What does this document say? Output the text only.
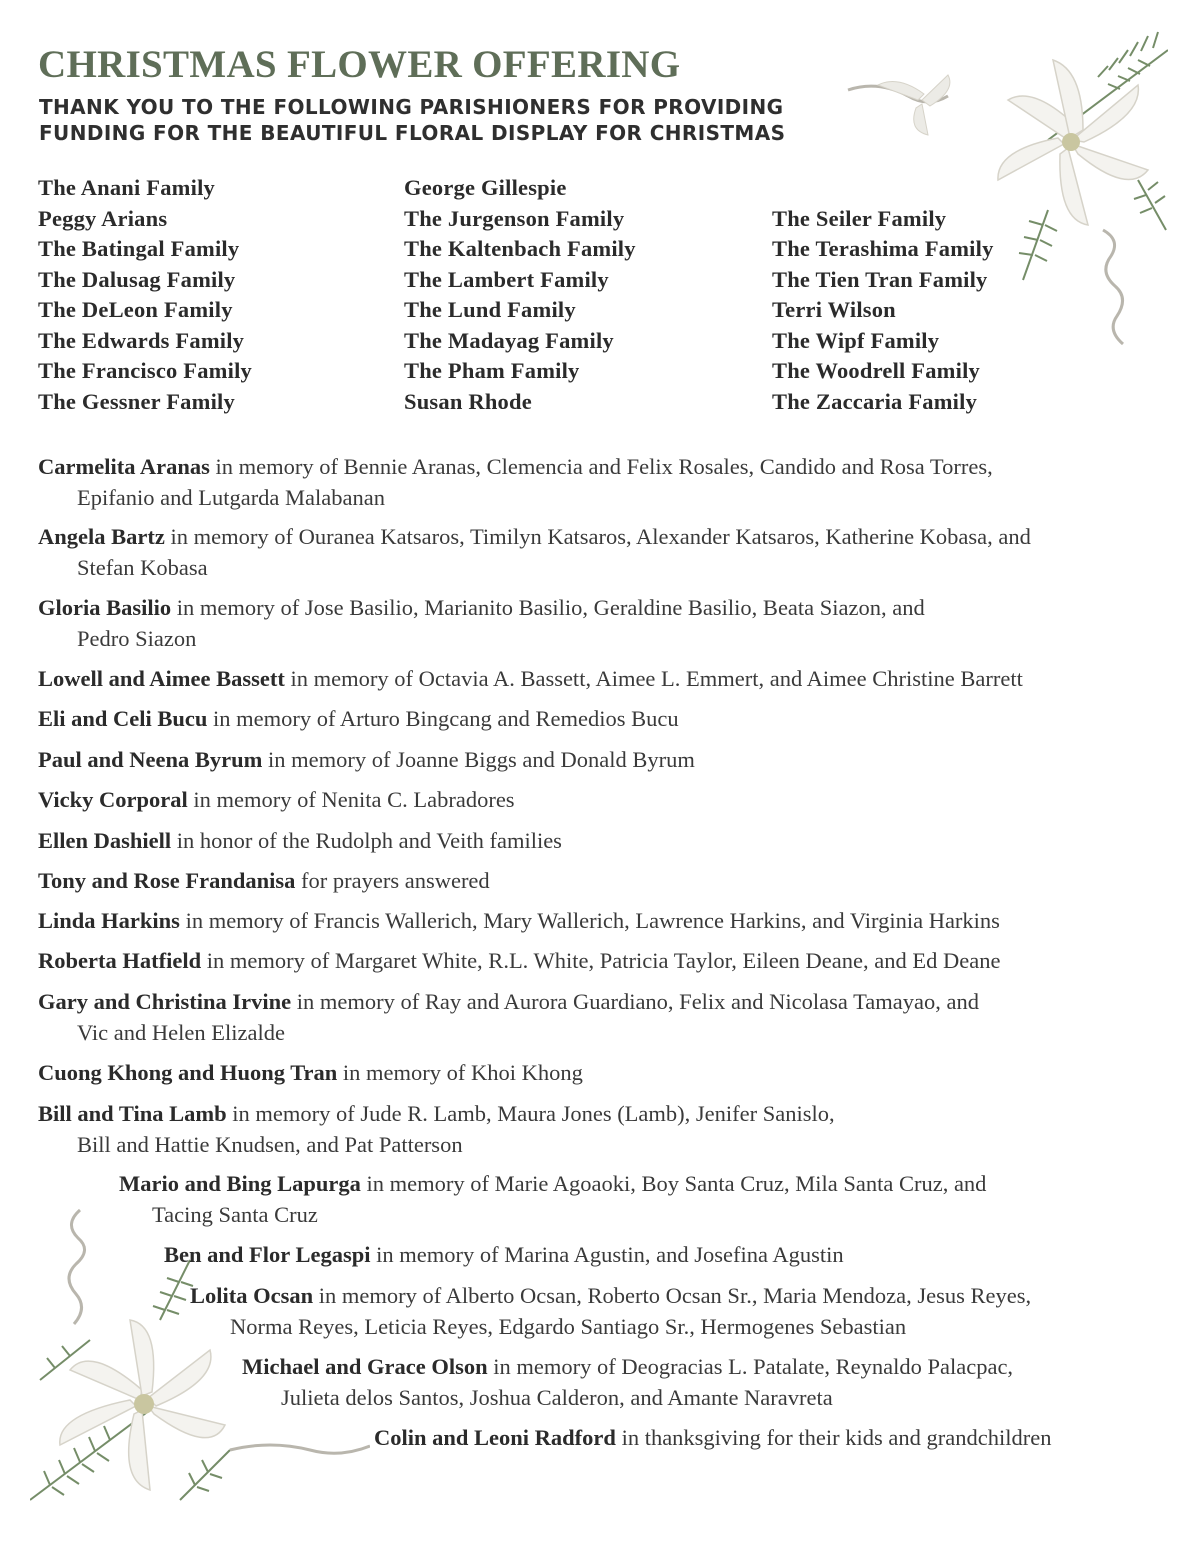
CHRISTMAS FLOWER OFFERING
THANK YOU TO THE FOLLOWING PARISHIONERS FOR PROVIDING FUNDING FOR THE BEAUTIFUL FLORAL DISPLAY FOR CHRISTMAS
The Anani Family
Peggy Arians
The Batingal Family
The Dalusag Family
The DeLeon Family
The Edwards Family
The Francisco Family
The Gessner Family
George Gillespie
The Jurgenson Family
The Kaltenbach Family
The Lambert Family
The Lund Family
The Madayag Family
The Pham Family
Susan Rhode
The Seiler Family
The Terashima Family
The Tien Tran Family
Terri Wilson
The Wipf Family
The Woodrell Family
The Zaccaria Family
Carmelita Aranas in memory of Bennie Aranas, Clemencia and Felix Rosales, Candido and Rosa Torres,
Epifanio and Lutgarda Malabanan
Angela Bartz in memory of Ouranea Katsaros, Timilyn Katsaros, Alexander Katsaros, Katherine Kobasa, and
Stefan Kobasa
Gloria Basilio in memory of Jose Basilio, Marianito Basilio, Geraldine Basilio, Beata Siazon, and
Pedro Siazon
Lowell and Aimee Bassett in memory of Octavia A. Bassett, Aimee L. Emmert, and Aimee Christine Barrett
Eli and Celi Bucu in memory of Arturo Bingcang and Remedios Bucu
Paul and Neena Byrum in memory of Joanne Biggs and Donald Byrum
Vicky Corporal in memory of Nenita C. Labradores
Ellen Dashiell in honor of the Rudolph and Veith families
Tony and Rose Frandanisa for prayers answered
Linda Harkins in memory of Francis Wallerich, Mary Wallerich, Lawrence Harkins, and Virginia Harkins
Roberta Hatfield in memory of Margaret White, R.L. White, Patricia Taylor, Eileen Deane, and Ed Deane
Gary and Christina Irvine in memory of Ray and Aurora Guardiano, Felix and Nicolasa Tamayao, and
Vic and Helen Elizalde
Cuong Khong and Huong Tran in memory of Khoi Khong
Bill and Tina Lamb in memory of Jude R. Lamb, Maura Jones (Lamb), Jenifer Sanislo,
Bill and Hattie Knudsen, and Pat Patterson
Mario and Bing Lapurga in memory of Marie Agoaoki, Boy Santa Cruz, Mila Santa Cruz, and
Tacing Santa Cruz
Ben and Flor Legaspi in memory of Marina Agustin, and Josefina Agustin
Lolita Ocsan in memory of Alberto Ocsan, Roberto Ocsan Sr., Maria Mendoza, Jesus Reyes,
Norma Reyes, Leticia Reyes, Edgardo Santiago Sr., Hermogenes Sebastian
Michael and Grace Olson in memory of Deogracias L. Patalate, Reynaldo Palacpac,
Julieta delos Santos, Joshua Calderon, and Amante Naravreta
Colin and Leoni Radford in thanksgiving for their kids and grandchildren
